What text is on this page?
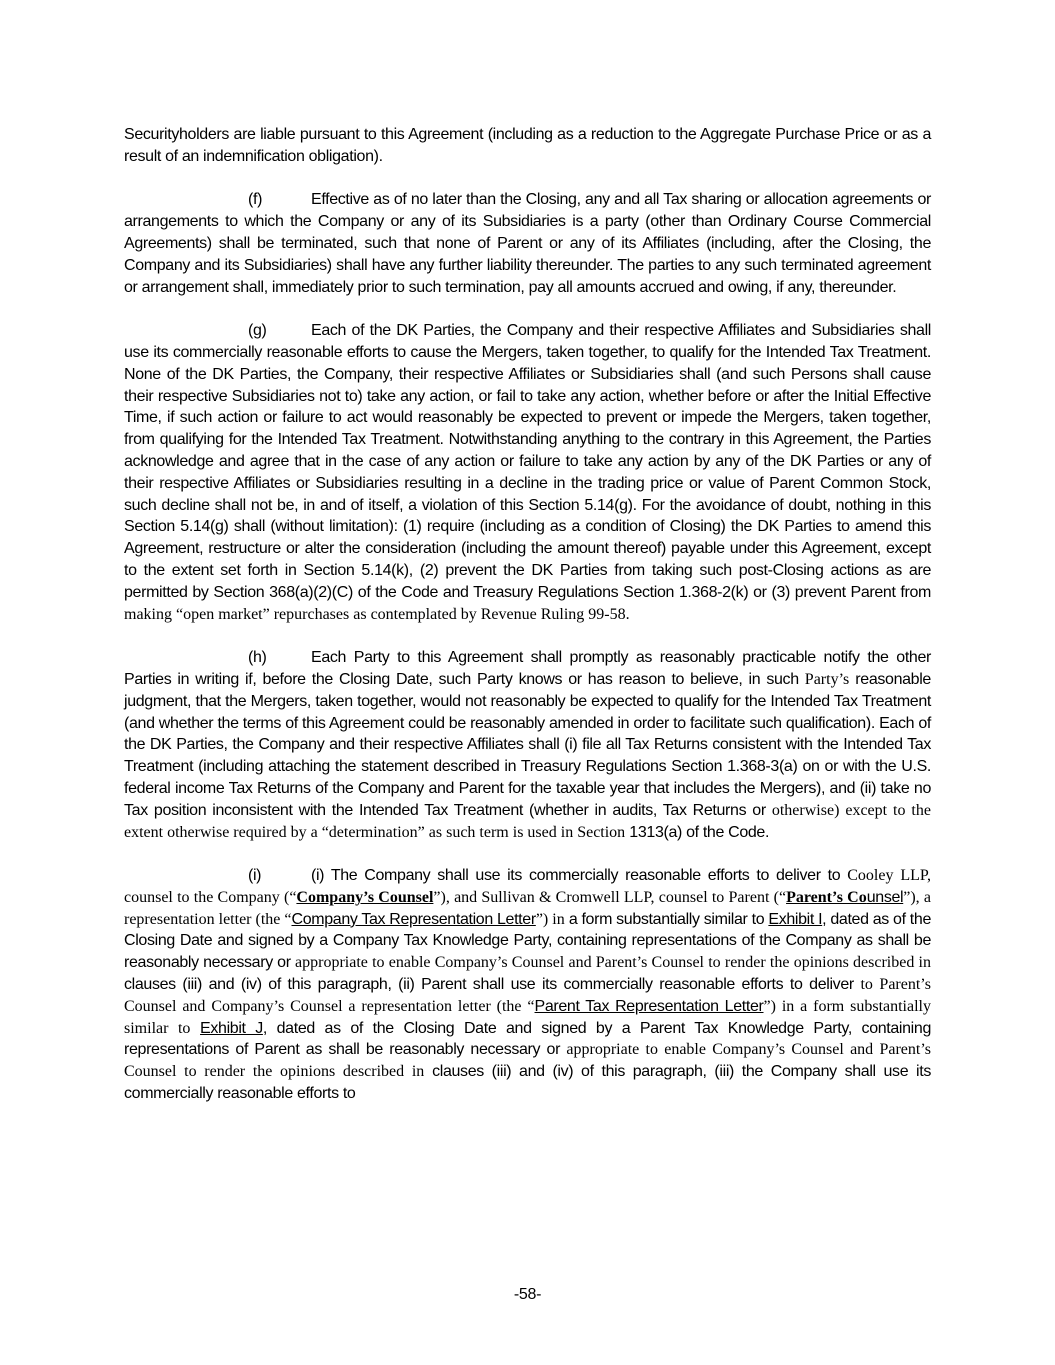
Securityholders are liable pursuant to this Agreement (including as a reduction to the Aggregate Purchase Price or as a result of an indemnification obligation).

(f)	Effective as of no later than the Closing, any and all Tax sharing or allocation agreements or arrangements to which the Company or any of its Subsidiaries is a party (other than Ordinary Course Commercial Agreements) shall be terminated, such that none of Parent or any of its Affiliates (including, after the Closing, the Company and its Subsidiaries) shall have any further liability thereunder. The parties to any such terminated agreement or arrangement shall, immediately prior to such termination, pay all amounts accrued and owing, if any, thereunder.

(g)	Each of the DK Parties, the Company and their respective Affiliates and Subsidiaries shall use its commercially reasonable efforts to cause the Mergers, taken together, to qualify for the Intended Tax Treatment. None of the DK Parties, the Company, their respective Affiliates or Subsidiaries shall (and such Persons shall cause their respective Subsidiaries not to) take any action, or fail to take any action, whether before or after the Initial Effective Time, if such action or failure to act would reasonably be expected to prevent or impede the Mergers, taken together, from qualifying for the Intended Tax Treatment. Notwithstanding anything to the contrary in this Agreement, the Parties acknowledge and agree that in the case of any action or failure to take any action by any of the DK Parties or any of their respective Affiliates or Subsidiaries resulting in a decline in the trading price or value of Parent Common Stock, such decline shall not be, in and of itself, a violation of this Section 5.14(g). For the avoidance of doubt, nothing in this Section 5.14(g) shall (without limitation): (1) require (including as a condition of Closing) the DK Parties to amend this Agreement, restructure or alter the consideration (including the amount thereof) payable under this Agreement, except to the extent set forth in Section 5.14(k), (2) prevent the DK Parties from taking such post-Closing actions as are permitted by Section 368(a)(2)(C) of the Code and Treasury Regulations Section 1.368-2(k) or (3) prevent Parent from making “open market” repurchases as contemplated by Revenue Ruling 99-58.

(h)	Each Party to this Agreement shall promptly as reasonably practicable notify the other Parties in writing if, before the Closing Date, such Party knows or has reason to believe, in such Party’s reasonable judgment, that the Mergers, taken together, would not reasonably be expected to qualify for the Intended Tax Treatment (and whether the terms of this Agreement could be reasonably amended in order to facilitate such qualification). Each of the DK Parties, the Company and their respective Affiliates shall (i) file all Tax Returns consistent with the Intended Tax Treatment (including attaching the statement described in Treasury Regulations Section 1.368-3(a) on or with the U.S. federal income Tax Returns of the Company and Parent for the taxable year that includes the Mergers), and (ii) take no Tax position inconsistent with the Intended Tax Treatment (whether in audits, Tax Returns or otherwise) except to the extent otherwise required by a “determination” as such term is used in Section 1313(a) of the Code.

(i)	(i) The Company shall use its commercially reasonable efforts to deliver to Cooley LLP, counsel to the Company (“Company’s Counsel”), and Sullivan & Cromwell LLP, counsel to Parent (“Parent’s Counsel”), a representation letter (the “Company Tax Representation Letter”) in a form substantially similar to Exhibit I, dated as of the Closing Date and signed by a Company Tax Knowledge Party, containing representations of the Company as shall be reasonably necessary or appropriate to enable Company’s Counsel and Parent’s Counsel to render the opinions described in clauses (iii) and (iv) of this paragraph, (ii) Parent shall use its commercially reasonable efforts to deliver to Parent’s Counsel and Company’s Counsel a representation letter (the “Parent Tax Representation Letter”) in a form substantially similar to Exhibit J, dated as of the Closing Date and signed by a Parent Tax Knowledge Party, containing representations of Parent as shall be reasonably necessary or appropriate to enable Company’s Counsel and Parent’s Counsel to render the opinions described in clauses (iii) and (iv) of this paragraph, (iii) the Company shall use its commercially reasonable efforts to

-58-
